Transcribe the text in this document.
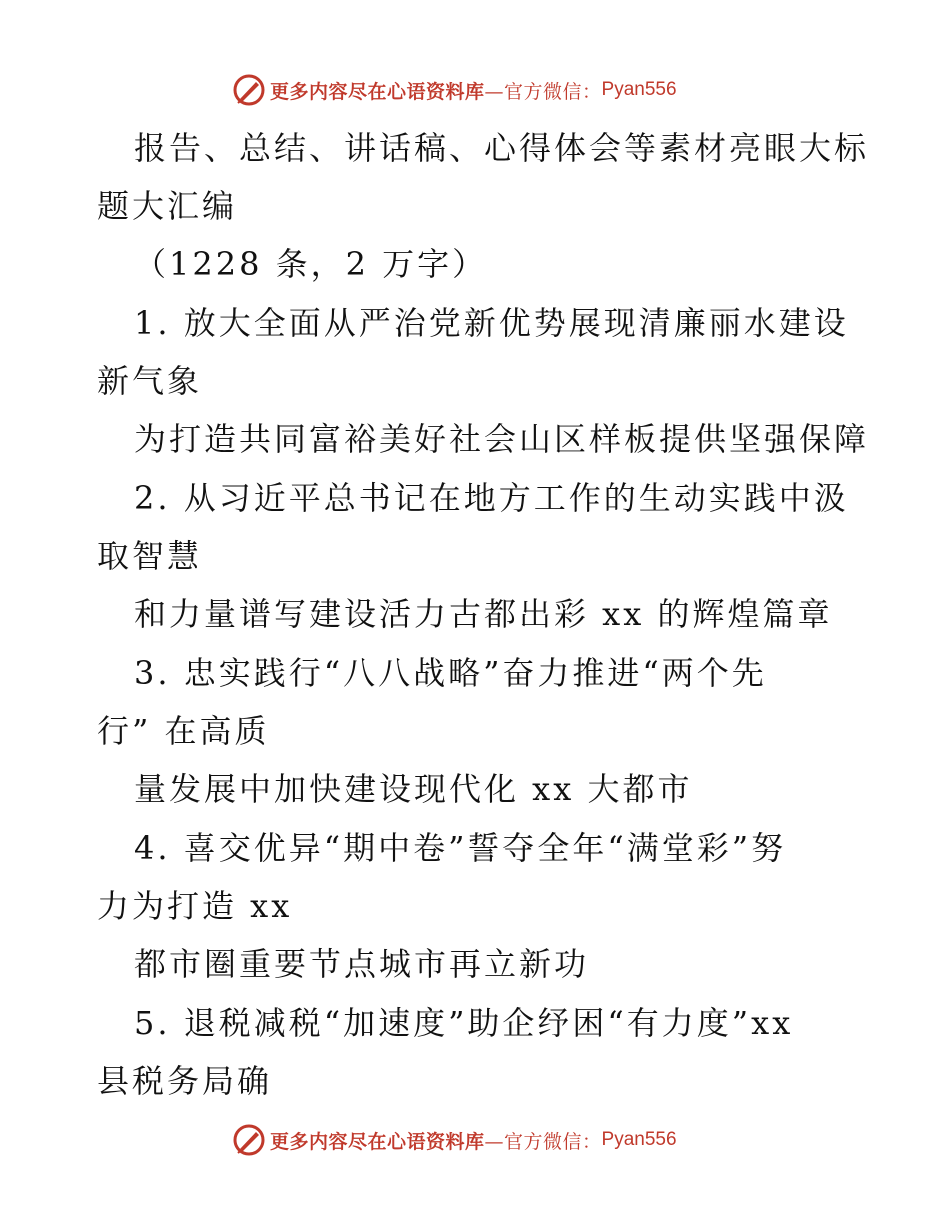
更多内容尽在心语资料库 —官方微信： Pyan556
报告、总结、讲话稿、心得体会等素材亮眼大标
题大汇编
（1228 条，2 万字）
1. 放大全面从严治党新优势展现清廉丽水建设
新气象
为打造共同富裕美好社会山区样板提供坚强保障
2. 从习近平总书记在地方工作的生动实践中汲
取智慧
和力量谱写建设活力古都出彩 xx 的辉煌篇章
3. 忠实践行“八八战略”奋力推进“两个先
行” 在高质
量发展中加快建设现代化 xx 大都市
4. 喜交优异“期中卷”誓夺全年“满堂彩”努
力为打造 xx
都市圈重要节点城市再立新功
5. 退税减税“加速度”助企纾困“有力度”xx
县税务局确
更多内容尽在心语资料库 —官方微信： Pyan556
